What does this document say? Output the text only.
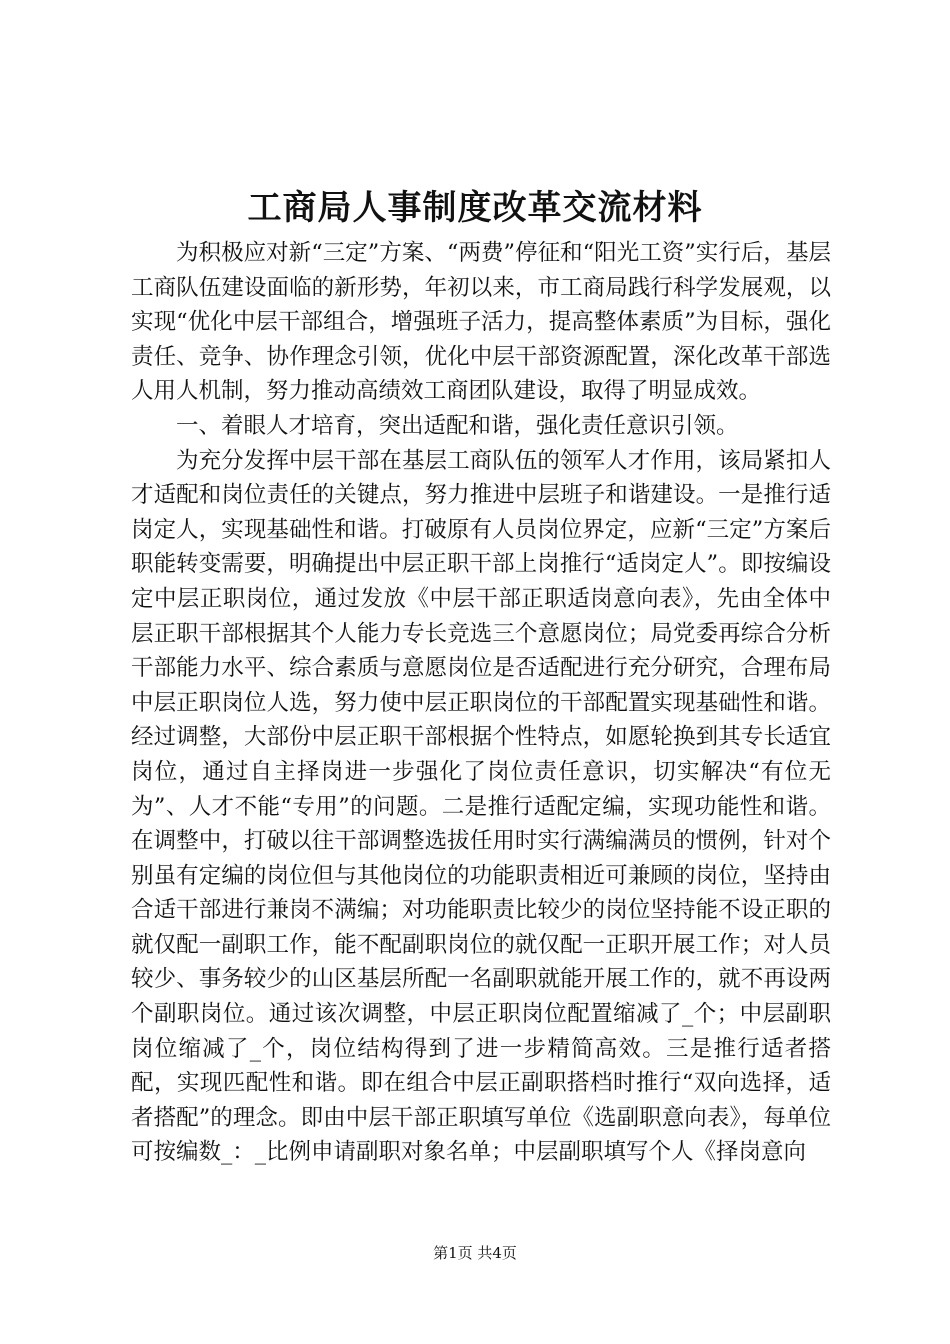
工商局人事制度改革交流材料

为积极应对新“三定”方案、“两费”停征和“阳光工资”实行后，基层工商队伍建设面临的新形势，年初以来，市工商局践行科学发展观，以实现“优化中层干部组合，增强班子活力，提高整体素质”为目标，强化责任、竞争、协作理念引领，优化中层干部资源配置，深化改革干部选人用人机制，努力推动高绩效工商团队建设，取得了明显成效。

一、着眼人才培育，突出适配和谐，强化责任意识引领。

为充分发挥中层干部在基层工商队伍的领军人才作用，该局紧扣人才适配和岗位责任的关键点，努力推进中层班子和谐建设。一是推行适岗定人，实现基础性和谐。打破原有人员岗位界定，应新“三定”方案后职能转变需要，明确提出中层正职干部上岗推行“适岗定人”。即按编设定中层正职岗位，通过发放《中层干部正职适岗意向表》，先由全体中层正职干部根据其个人能力专长竞选三个意愿岗位；局党委再综合分析干部能力水平、综合素质与意愿岗位是否适配进行充分研究，合理布局中层正职岗位人选，努力使中层正职岗位的干部配置实现基础性和谐。经过调整，大部份中层正职干部根据个性特点，如愿轮换到其专长适宜岗位，通过自主择岗进一步强化了岗位责任意识，切实解决“有位无为”、人才不能“专用”的问题。二是推行适配定编，实现功能性和谐。在调整中，打破以往干部调整选拔任用时实行满编满员的惯例，针对个别虽有定编的岗位但与其他岗位的功能职责相近可兼顾的岗位，坚持由合适干部进行兼岗不满编；对功能职责比较少的岗位坚持能不设正职的就仅配一副职工作，能不配副职岗位的就仅配一正职开展工作；对人员较少、事务较少的山区基层所配一名副职就能开展工作的，就不再设两个副职岗位。通过该次调整，中层正职岗位配置缩减了_个；中层副职岗位缩减了_个，岗位结构得到了进一步精简高效。三是推行适者搭配，实现匹配性和谐。即在组合中层正副职搭档时推行“双向选择，适者搭配”的理念。即由中层干部正职填写单位《选副职意向表》，每单位可按编数_：_比例申请副职对象名单；中层副职填写个人《择岗意向

第1页 共4页
